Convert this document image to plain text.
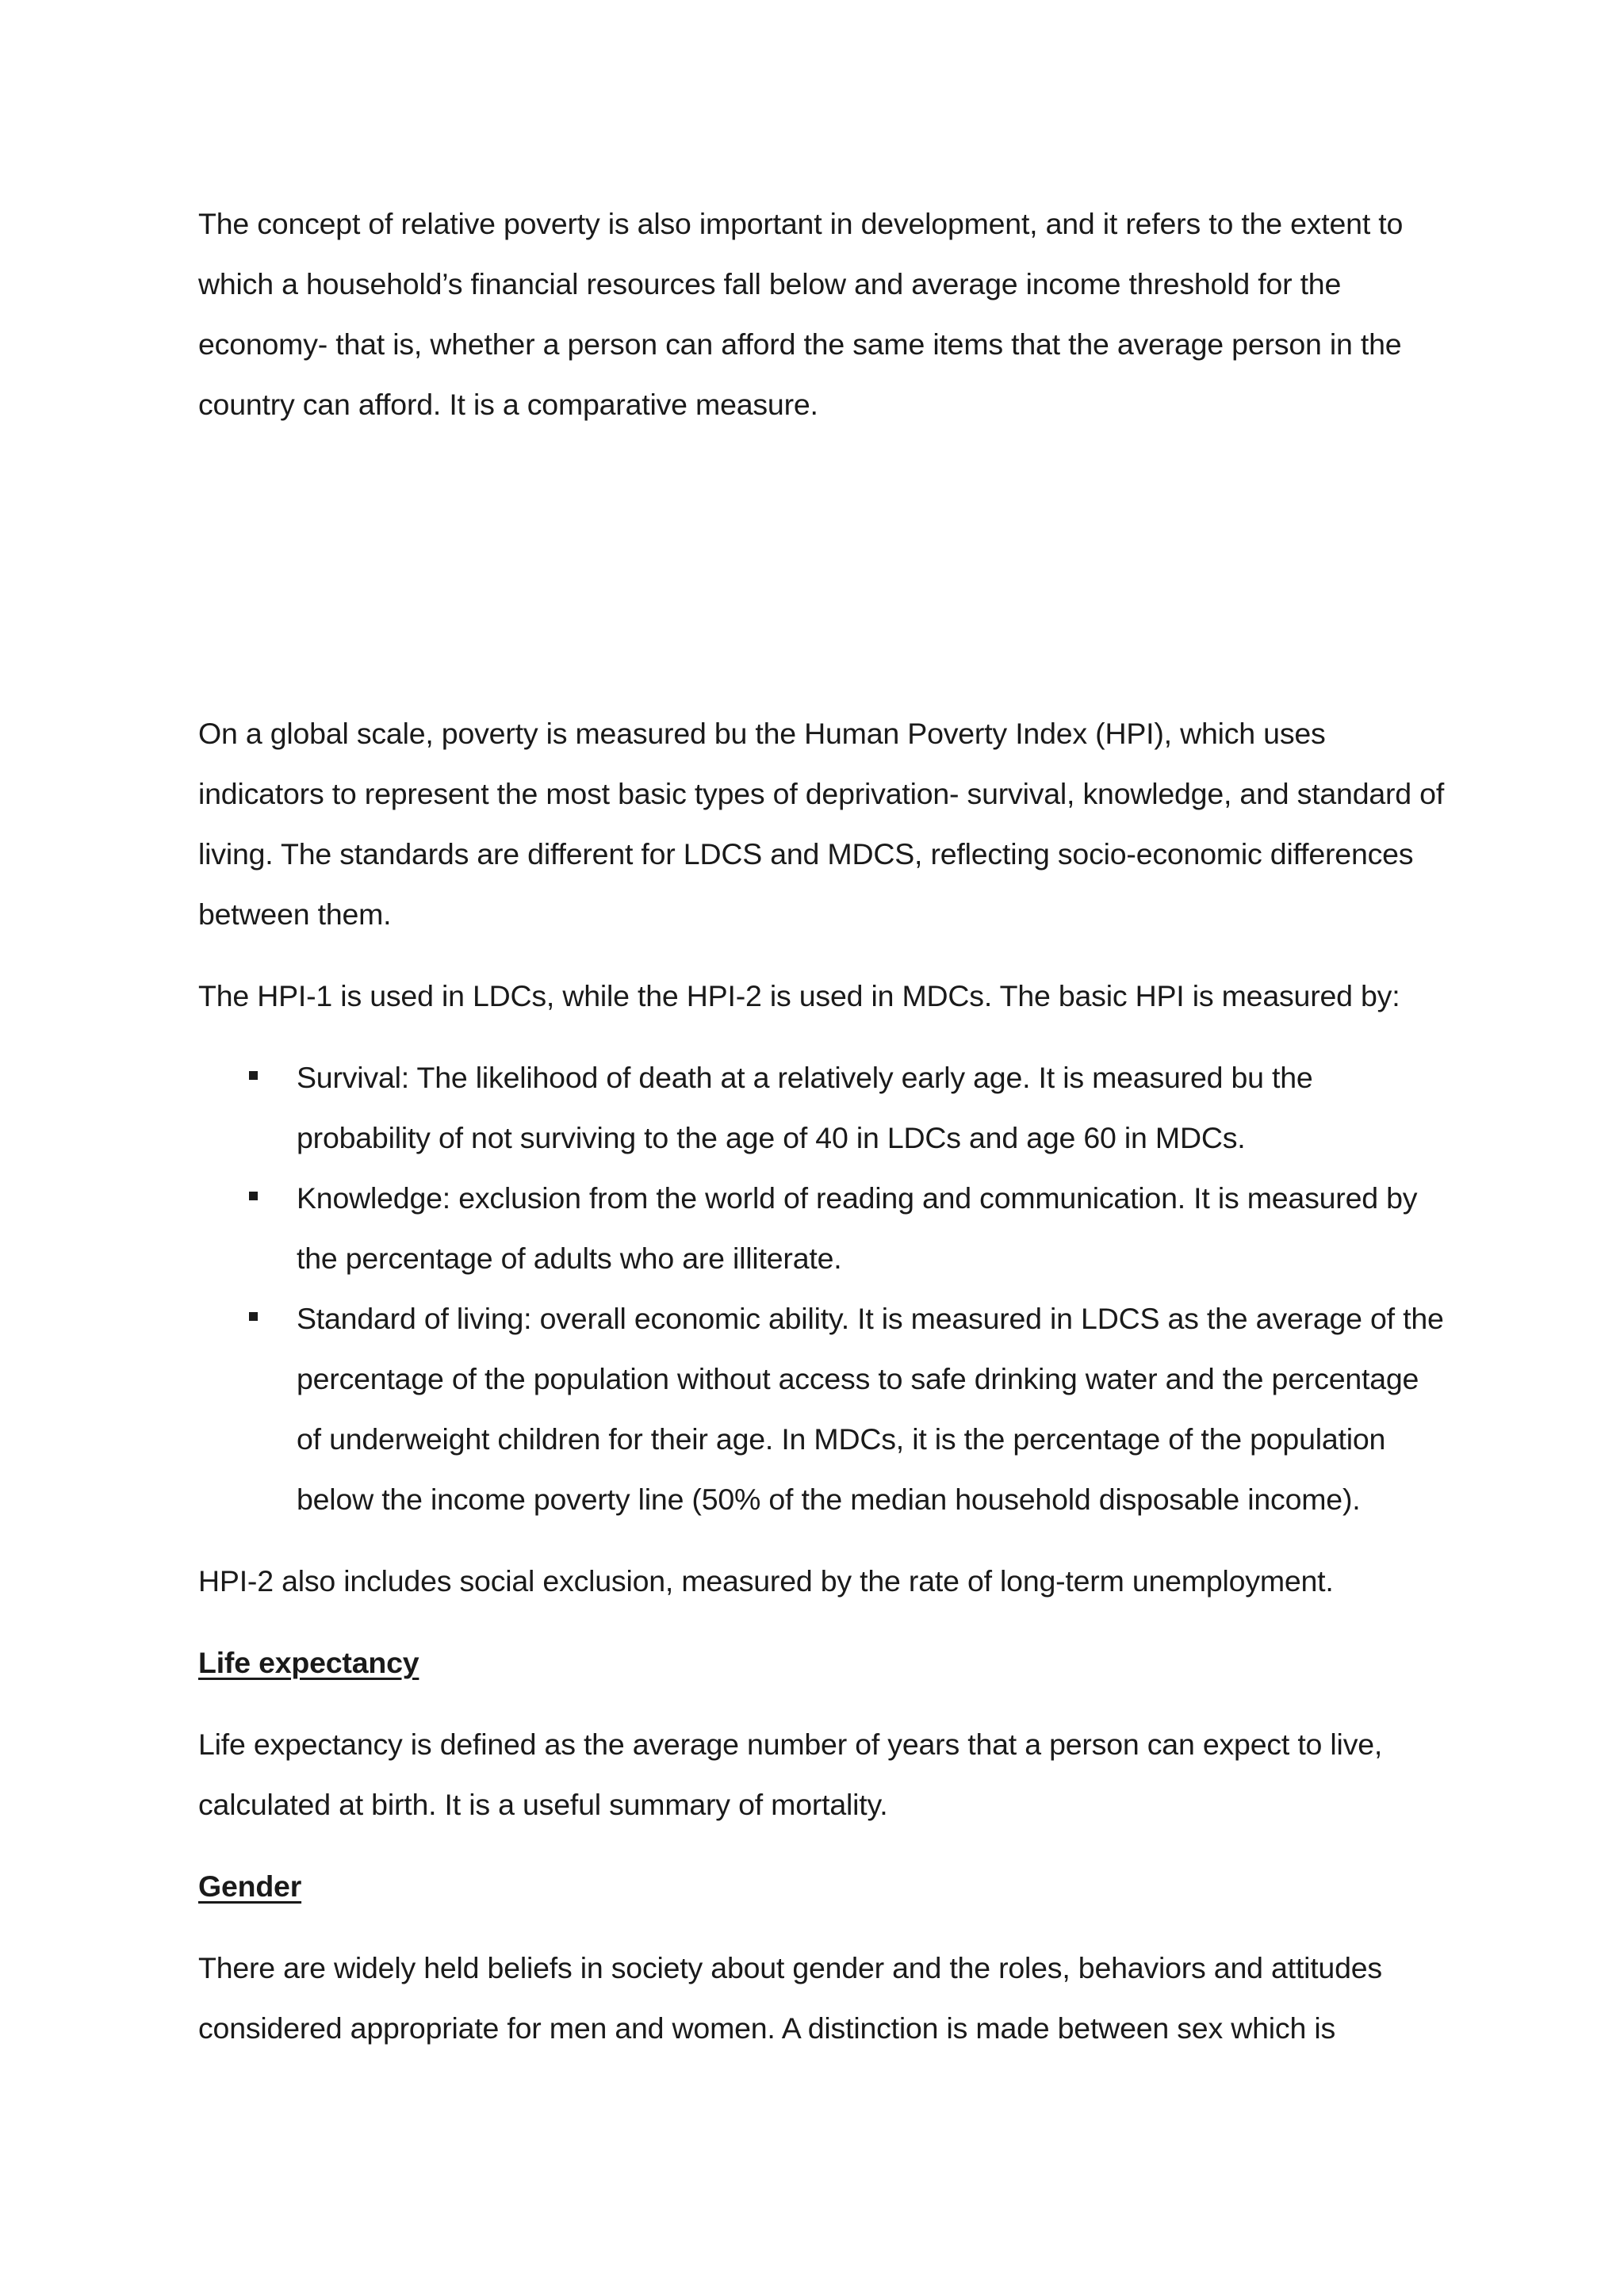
The concept of relative poverty is also important in development, and it refers to the extent to which a household’s financial resources fall below and average income threshold for the economy- that is, whether a person can afford the same items that the average person in the country can afford. It is a comparative measure.

On a global scale, poverty is measured bu the Human Poverty Index (HPI), which uses indicators to represent the most basic types of deprivation- survival, knowledge, and standard of living. The standards are different for LDCS and MDCS, reflecting socio-economic differences between them.

The HPI-1 is used in LDCs, while the HPI-2 is used in MDCs. The basic HPI is measured by:

Survival: The likelihood of death at a relatively early age. It is measured bu the probability of not surviving to the age of 40 in LDCs and age 60 in MDCs.
Knowledge: exclusion from the world of reading and communication. It is measured by the percentage of adults who are illiterate.
Standard of living: overall economic ability. It is measured in LDCS as the average of the percentage of the population without access to safe drinking water and the percentage of underweight children for their age. In MDCs, it is the percentage of the population below the income poverty line (50% of the median household disposable income).

HPI-2 also includes social exclusion, measured by the rate of long-term unemployment.

Life expectancy

Life expectancy is defined as the average number of years that a person can expect to live, calculated at birth. It is a useful summary of mortality.

Gender

There are widely held beliefs in society about gender and the roles, behaviors and attitudes considered appropriate for men and women. A distinction is made between sex which is
